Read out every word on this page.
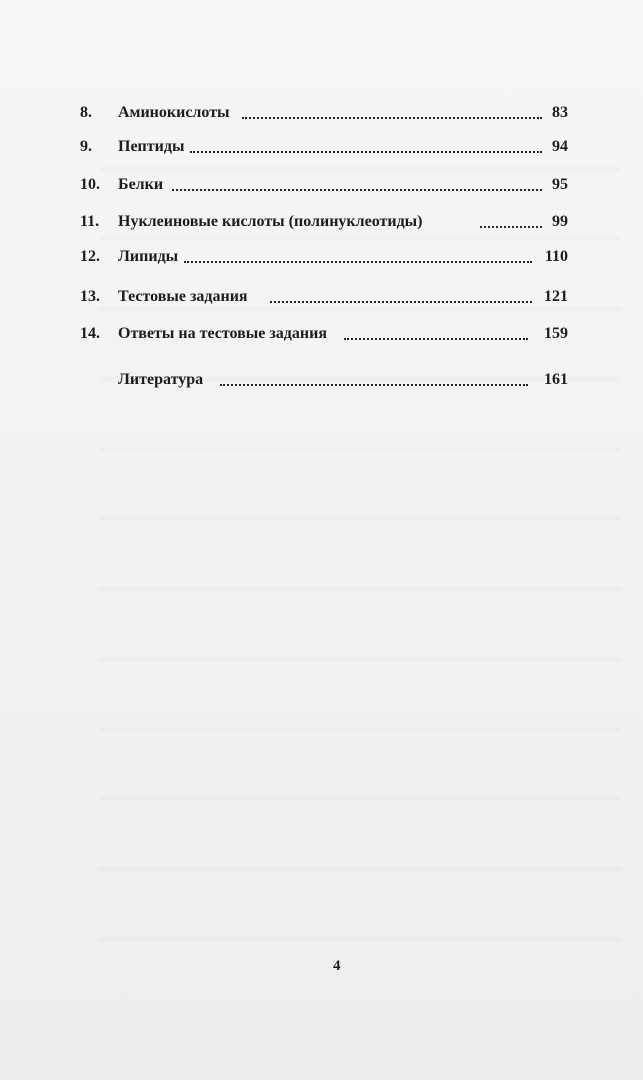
8. Аминокислоты	83
9. Пептиды	94
10. Белки	95
11. Нуклеиновые кислоты (полинуклеотиды)	99
12. Липиды	110
13. Тестовые задания	121
14. Ответы на тестовые задания	159
Литература	161
4
